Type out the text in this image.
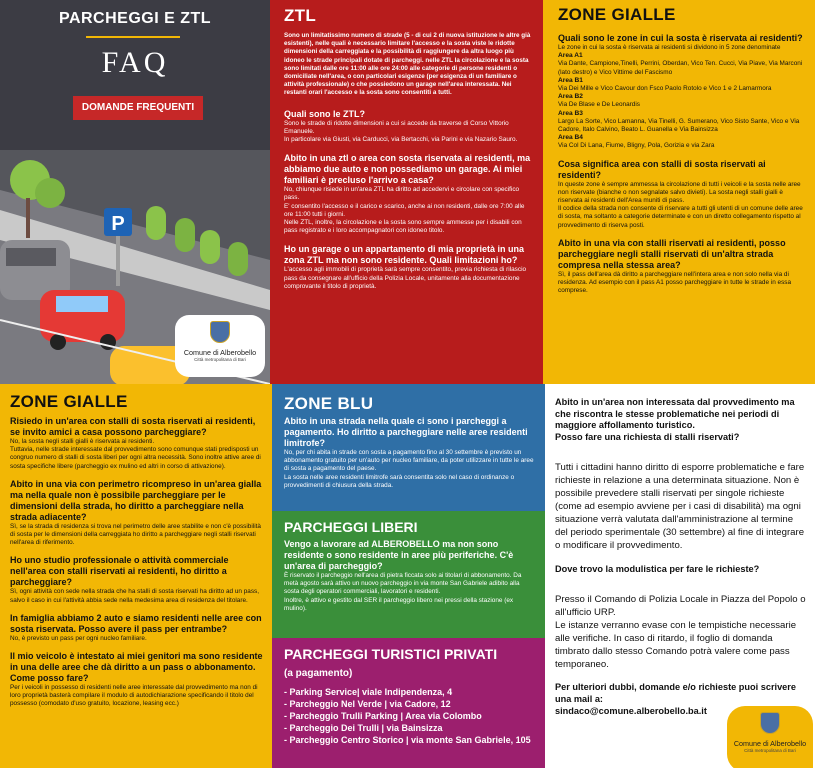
P
PARCHEGGI E ZTL
FAQ
DOMANDE FREQUENTI
Comune di Alberobello
Città metropolitana di Bari
ZTL
Sono un limitatissimo numero di strade (5 - di cui 2 di nuova istituzione le altre già esistenti), nelle quali è necessario limitare l'accesso e la sosta viste le ridotte dimensioni della carreggiata e la possibilità di raggiungere da altra luogo più idoneo le strade principali dotate di parcheggi. nelle ZTL la circolazione e la sosta sono limitati dalle ore 11:00 alle ore 24:00 alle categorie di persone residenti o domiciliate nell'area, o con particolari esigenze (per esigenza di un familiare o attività professionale) o che possiedono un garage nell'area interessata. Nei restanti orari l'accesso e la sosta sono consentiti a tutti.
Quali sono le ZTL?
Sono le strade di ridotte dimensioni a cui si accede da traverse di Corso Vittorio Emanuele.
In particolare via Giusti, via Carducci, via Bertacchi, via Parini e via Nazario Sauro.
Abito in una ztl o area con sosta riservata ai residenti, ma abbiamo due auto e non possediamo un garage. Ai miei familiari è precluso l'arrivo a casa?
No, chiunque risiede in un'area ZTL ha diritto ad accedervi e circolare con specifico pass.
E' consentito l'accesso e il carico e scarico, anche ai non residenti, dalle ore 7:00 alle ore 11:00 tutti i giorni.
Nelle ZTL, inoltre, la circolazione e la sosta sono sempre ammesse per i disabili con pass registrato e i loro accompagnatori con idoneo titolo.
Ho un garage o un appartamento di mia proprietà in una zona ZTL ma non sono residente. Quali limitazioni ho?
L'accesso agli immobili di proprietà sarà sempre consentito, previa richiesta di rilascio pass da consegnare all'ufficio della Polizia Locale, unitamente alla documentazione comprovante il titolo di proprietà.
ZONE GIALLE
Quali sono le zone in cui la sosta è riservata ai residenti?
Le zone in cui la sosta è riservata ai residenti si dividono in 5 zone denominate
Area A1
Via Dante, Campione,Tinelli, Perrini, Oberdan, Vico Ten. Cucci, Via Piave, Via Marconi (lato destro) e Vico Vittime del Fascismo
Area B1
Via Dei Mille e Vico Cavour don Fsco Paolo Rotolo e Vico 1 e 2 Lamarmora
Area B2
Via De Blase e De Leonardis
Area B3
Largo La Sorte, Vico Lamanna, Via Tinelli, G. Sumerano, Vico Sisto Sante, Vico e Via Cadore, Italo Calvino, Beato L. Guanella e Via Bainsizza
Area B4
Via Col Di Lana, Fiume, Bligny, Pola, Gorizia e via Zara
Cosa significa area con stalli di sosta riservati ai residenti?
In queste zone è sempre ammessa la circolazione di tutti i veicoli e la sosta nelle aree non riservate (bianche o non segnalate salvo divieti). La sosta negli stalli gialli è riservata ai residenti dell'Area muniti di pass.
Il codice della strada non consente di riservare a tutti gli utenti di un comune delle aree di sosta, ma soltanto a categorie determinate e con un diretto collegamento rispetto al provvedimento di riserva posti.
Abito in una via con stalli riservati ai residenti, posso parcheggiare negli stalli riservati di un'altra strada compresa nella stessa area?
Sì, il pass dell'area dà diritto a parcheggiare nell'intera area e non solo nella via di residenza. Ad esempio con il pass A1 posso parcheggiare in tutte le strade in essa comprese.
ZONE GIALLE
Risiedo in un'area con stalli di sosta riservati ai residenti, se invito amici a casa possono parcheggiare?
No, la sosta negli stalli gialli è riservata ai residenti.
Tuttavia, nelle strade interessate dal provvedimento sono comunque stati predisposti un congruo numero di stalli di sosta liberi per ogni altra necessità. Sono inoltre attive aree di sosta specifiche libere (parcheggio ex mulino ed altri in corso di attivazione).
Abito in una via con perimetro ricompreso in un'area gialla ma nella quale non è possibile parcheggiare per le dimensioni della strada, ho diritto a parcheggiare nella strada adiacente?
Sì, se la strada di residenza si trova nel perimetro delle aree stabilite e non c'è possibilità di sosta per le dimensioni della carreggiata ho diritto a parcheggiare negli stalli riservati nell'area di riferimento.
Ho uno studio professionale o attività commerciale nell'area con stalli riservati ai residenti, ho diritto a parcheggiare?
Sì, ogni attività con sede nella strada che ha stalli di sosta riservati ha diritto ad un pass, salvo il caso in cui l'attività abbia sede nella medesima area di residenza del titolare.
In famiglia abbiamo 2 auto e siamo residenti nelle aree con sosta riservata. Posso avere il pass per entrambe?
No, è previsto un pass per ogni nucleo familiare.
Il mio veicolo è intestato ai miei genitori ma sono residente in una delle aree che dà diritto a un pass o abbonamento. Come posso fare?
Per i veicoli in possesso di residenti nelle aree interessate dal provvedimento ma non di loro proprietà basterà compilare il modulo di autodichiarazione specificando il titolo del possesso (comodato d'uso gratuito, locazione, leasing ecc.)
ZONE BLU
Abito in una strada nella quale ci sono i parcheggi a pagamento. Ho diritto a parcheggiare nelle aree residenti limitrofe?
No, per chi abita in strade con sosta a pagamento fino al 30 settembre è previsto un abbonamento gratuito per un'auto per nucleo familiare, da poter utilizzare in tutte le aree di sosta a pagamento del paese.
La sosta nelle aree residenti limitrofe sarà consentita solo nel caso di ordinanze o provvedimenti di chiusura della strada.
PARCHEGGI LIBERI
Vengo a lavorare ad ALBEROBELLO ma non sono residente o sono residente in aree più periferiche. C'è un'area di parcheggio?
È riservato il parcheggio nell'area di pietra ficcata solo ai titolari di abbonamento. Da metà agosto sarà attivo un nuovo parcheggio in via monte San Gabriele adibito alla sosta degli operatori commerciali, lavoratori e residenti.
Inoltre, è attivo e gestito dal SER il parcheggio libero nei pressi della stazione (ex mulino).
PARCHEGGI TURISTICI PRIVATI
(a pagamento)
- Parking Service| viale Indipendenza, 4
- Parcheggio Nel Verde | via Cadore, 12
- Parcheggio Trulli Parking | Area via Colombo
- Parcheggio Dei Trulli | via Bainsizza
- Parcheggio Centro Storico | via monte San Gabriele, 105
Abito in un'area non interessata dal provvedimento ma che riscontra le stesse problematiche nei periodi di maggiore affollamento turistico.
Posso fare una richiesta di stalli riservati?
Tutti i cittadini hanno diritto di esporre problematiche e fare richieste in relazione a una determinata situazione. Non è possibile prevedere stalli riservati per singole richieste (come ad esempio avviene per i casi di disabilità) ma ogni situazione verrà valutata dall'amministrazione al termine del periodo sperimentale (30 settembre) al fine di integrare o modificare il provvedimento.
Dove trovo la modulistica per fare le richieste?
Presso il Comando di Polizia Locale in Piazza del Popolo o all'ufficio URP.
Le istanze verranno evase con le tempistiche necessarie alle verifiche. In caso di ritardo, il foglio di domanda timbrato dallo stesso Comando potrà valere come pass temporaneo.
Per ulteriori dubbi, domande e/o richieste puoi scrivere una mail a:
sindaco@comune.alberobello.ba.it
Comune di Alberobello
Città metropolitana di Bari
